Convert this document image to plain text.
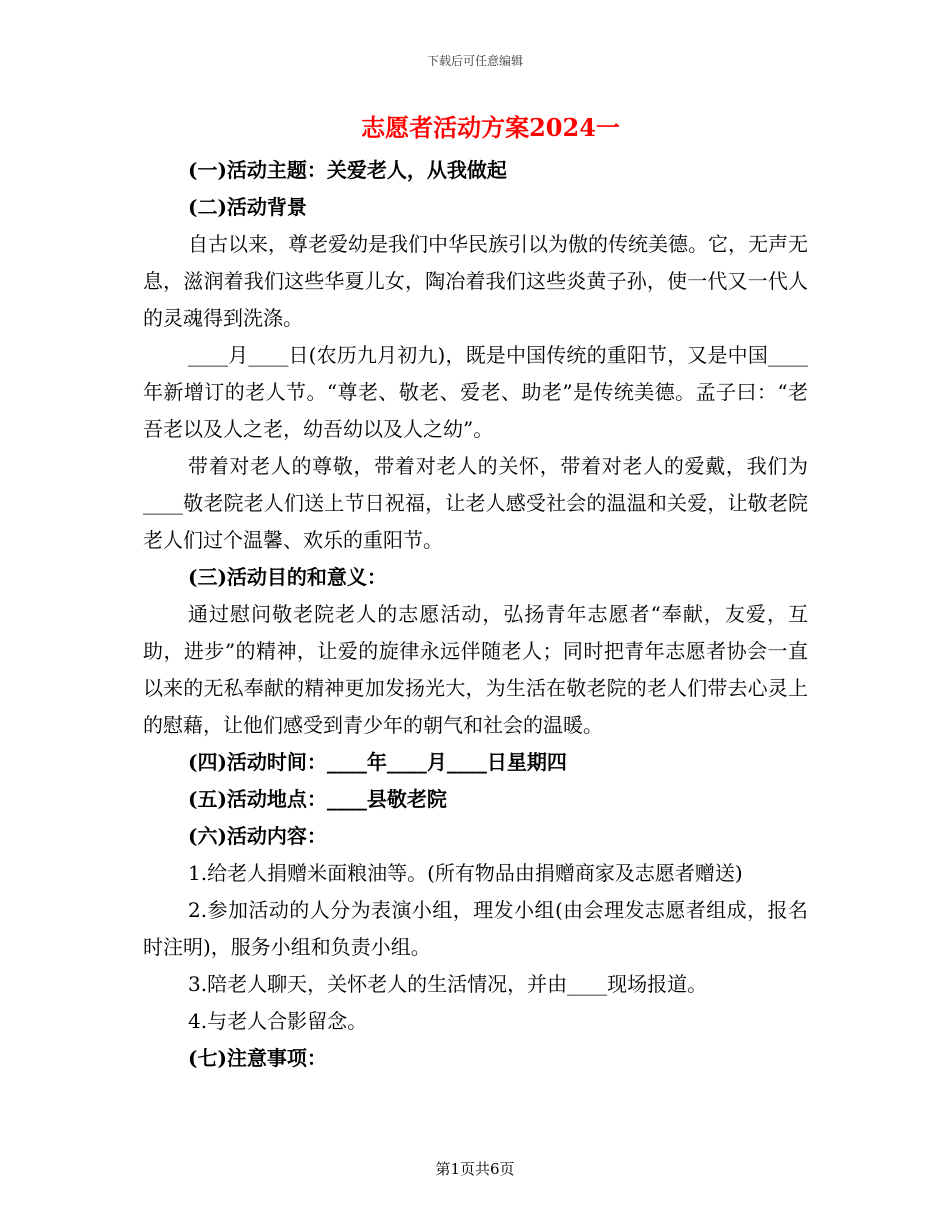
下载后可任意编辑
志愿者活动方案2024一

(一)活动主题：关爱老人，从我做起

(二)活动背景

自古以来，尊老爱幼是我们中华民族引以为傲的传统美德。它，无声无息，滋润着我们这些华夏儿女，陶冶着我们这些炎黄子孙，使一代又一代人的灵魂得到洗涤。

____月____日(农历九月初九)，既是中国传统的重阳节，又是中国____年新增订的老人节。“尊老、敬老、爱老、助老”是传统美德。孟子曰：“老吾老以及人之老，幼吾幼以及人之幼”。

带着对老人的尊敬，带着对老人的关怀，带着对老人的爱戴，我们为____敬老院老人们送上节日祝福，让老人感受社会的温温和关爱，让敬老院老人们过个温馨、欢乐的重阳节。

(三)活动目的和意义：

通过慰问敬老院老人的志愿活动，弘扬青年志愿者“奉献，友爱，互助，进步”的精神，让爱的旋律永远伴随老人；同时把青年志愿者协会一直以来的无私奉献的精神更加发扬光大，为生活在敬老院的老人们带去心灵上的慰藉，让他们感受到青少年的朝气和社会的温暖。

(四)活动时间：____年____月____日星期四

(五)活动地点：____县敬老院

(六)活动内容：

1.给老人捐赠米面粮油等。(所有物品由捐赠商家及志愿者赠送)

2.参加活动的人分为表演小组，理发小组(由会理发志愿者组成，报名时注明)，服务小组和负责小组。

3.陪老人聊天，关怀老人的生活情况，并由____现场报道。

4.与老人合影留念。

(七)注意事项：

第1页共6页
